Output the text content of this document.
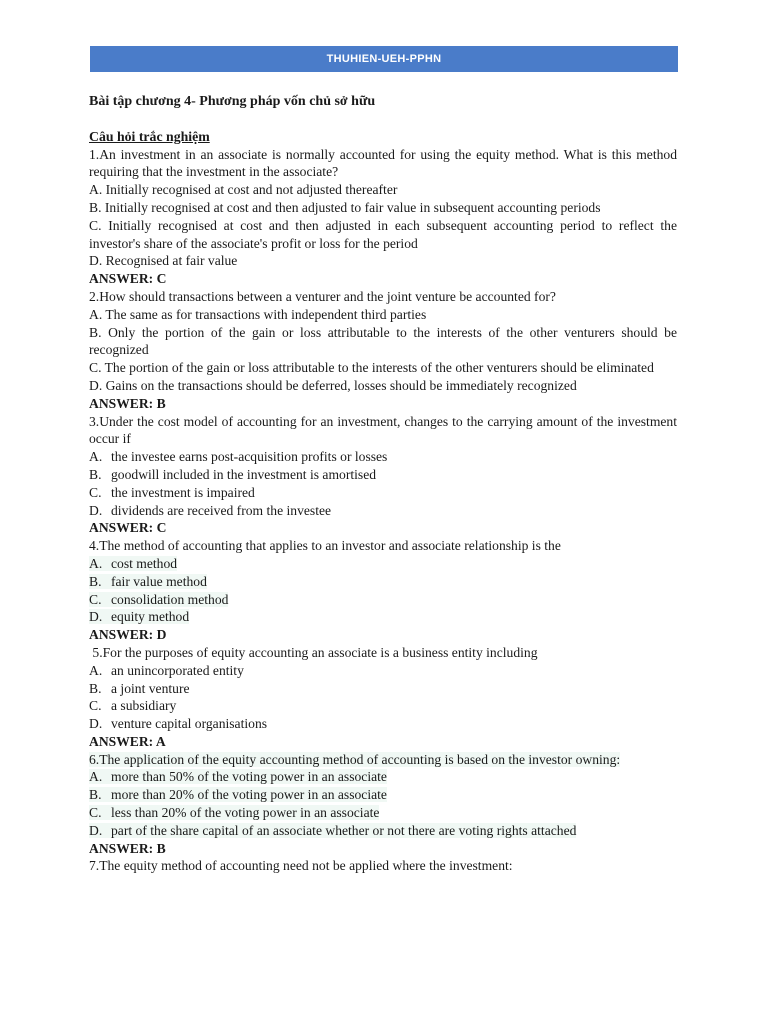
THUHIEN-UEH-PPHN
Bài tập chương 4- Phương pháp vốn chủ sở hữu
Câu hỏi trắc nghiệm
1.An investment in an associate is normally accounted for using the equity method. What is this method requiring that the investment in the associate?
A. Initially recognised at cost and not adjusted thereafter
B. Initially recognised at cost and then adjusted to fair value in subsequent accounting periods
C. Initially recognised at cost and then adjusted in each subsequent accounting period to reflect the investor's share of the associate's profit or loss for the period
D. Recognised at fair value
ANSWER: C
2.How should transactions between a venturer and the joint venture be accounted for?
A. The same as for transactions with independent third parties
B. Only the portion of the gain or loss attributable to the interests of the other venturers should be recognized
C. The portion of the gain or loss attributable to the interests of the other venturers should be eliminated
D. Gains on the transactions should be deferred, losses should be immediately recognized
ANSWER: B
3.Under the cost model of accounting for an investment, changes to the carrying amount of the investment occur if
A. the investee earns post-acquisition profits or losses
B. goodwill included in the investment is amortised
C. the investment is impaired
D. dividends are received from the investee
ANSWER: C
4.The method of accounting that applies to an investor and associate relationship is the
A. cost method
B. fair value method
C. consolidation method
D. equity method
ANSWER: D
5.For the purposes of equity accounting an associate is a business entity including
A. an unincorporated entity
B. a joint venture
C. a subsidiary
D. venture capital organisations
ANSWER: A
6.The application of the equity accounting method of accounting is based on the investor owning:
A. more than 50% of the voting power in an associate
B. more than 20% of the voting power in an associate
C. less than 20% of the voting power in an associate
D. part of the share capital of an associate whether or not there are voting rights attached
ANSWER: B
7.The equity method of accounting need not be applied where the investment:
